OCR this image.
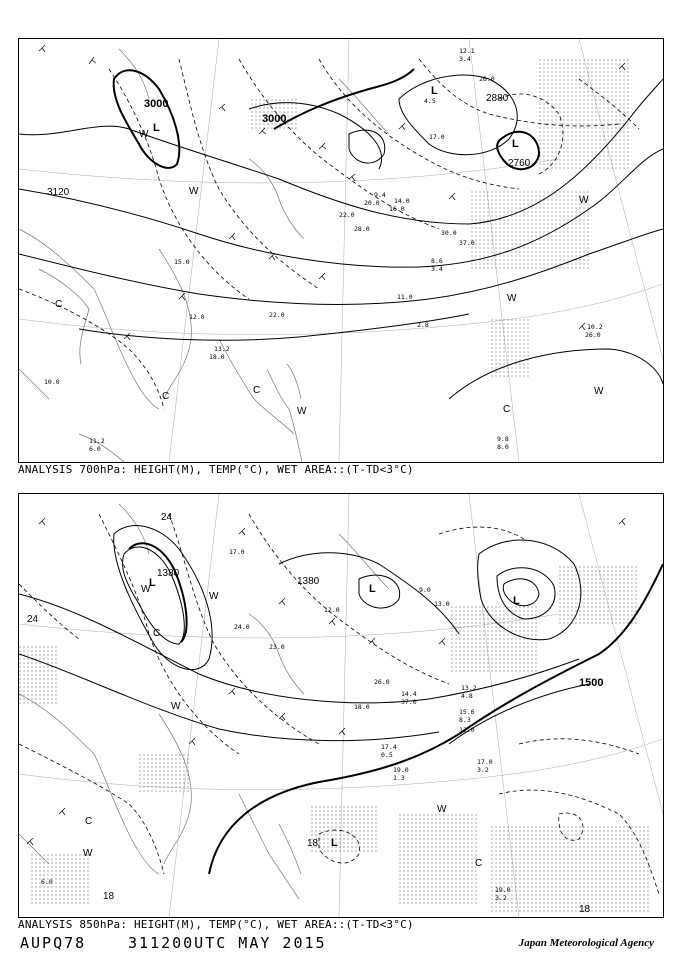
3000
3000
3120
2880
2760
L
L
L
W
W
W
W
C
C
C
C
W
W
12.1
3.4
26.0
4.5
17.0
9.4
20.0 14.0
16.0
22.0
28.0	30.0
37.0
8.6
3.4
11.0
2.8	10.2
26.0
9.8
8.0
13.2
18.0
12.0
15.0
11.2
6.0
10.0
22.0
ANALYSIS 700hPa: HEIGHT(M), TEMP(°C), WET AREA::(T-TD<3°C)
1380
1380
1500
18
18
18
24
24
L	L
L
L
W
W
W
W
W
C
C
C
17.0
24.0
9.0
13.0
15.6
8.3
12.0
23.0
14.4
37.0
13.2
4.8
17.4
0.5
19.0
1.3
17.0
3.2
19.0
3.2
26.0
18.0
12.0
6.0
ANALYSIS 850hPa: HEIGHT(M), TEMP(°C), WET AREA::(T-TD<3°C)
AUPQ78	311200UTC MAY 2015	Japan Meteorological Agency
